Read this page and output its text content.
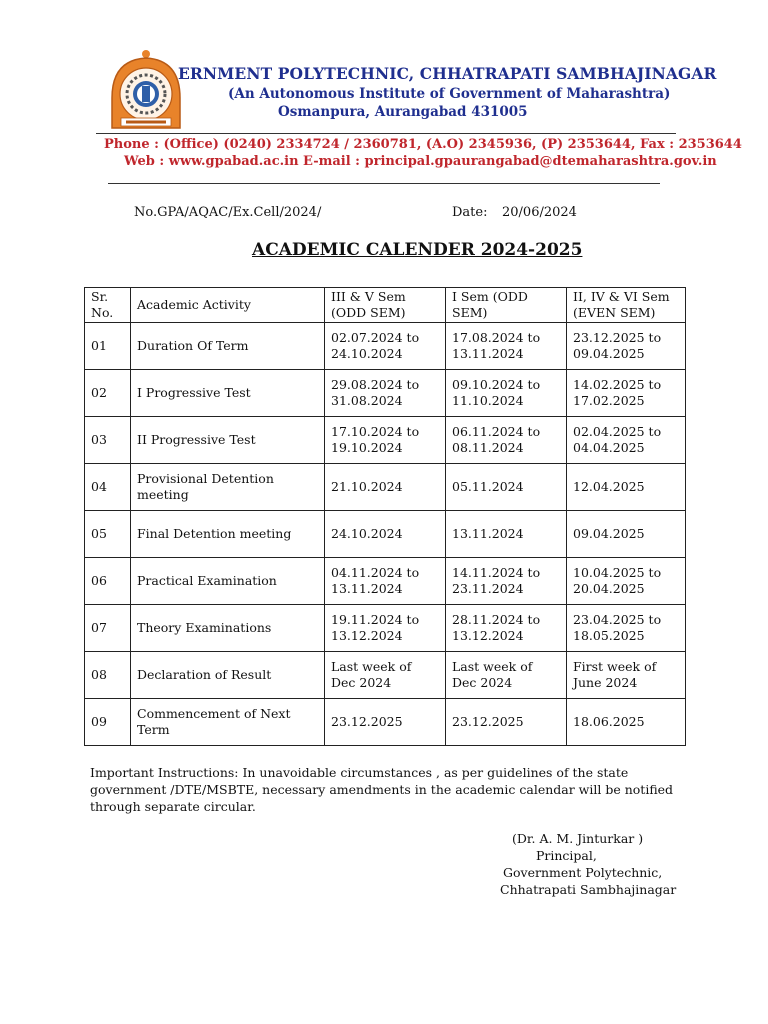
ERNMENT POLYTECHNIC, CHHATRAPATI SAMBHAJINAGAR
(An Autonomous Institute of Government of Maharashtra)
Osmanpura, Aurangabad 431005
Phone : (Office) (0240) 2334724 / 2360781, (A.O) 2345936, (P) 2353644, Fax : 2353644
Web : www.gpabad.ac.in E-mail : principal.gpaurangabad@dtemaharashtra.gov.in
No.GPA/AQAC/Ex.Cell/2024/	Date: 20/06/2024
ACADEMIC CALENDER 2024-2025
Sr. No.	Academic Activity	III & V Sem (ODD SEM)	I Sem (ODD SEM)	II, IV & VI Sem (EVEN SEM)
01	Duration Of Term	02.07.2024 to 24.10.2024	17.08.2024 to 13.11.2024	23.12.2025 to 09.04.2025
02	I Progressive Test	29.08.2024 to 31.08.2024	09.10.2024 to 11.10.2024	14.02.2025 to 17.02.2025
03	II Progressive Test	17.10.2024 to 19.10.2024	06.11.2024 to 08.11.2024	02.04.2025 to 04.04.2025
04	Provisional Detention meeting	21.10.2024	05.11.2024	12.04.2025
05	Final Detention meeting	24.10.2024	13.11.2024	09.04.2025
06	Practical Examination	04.11.2024 to 13.11.2024	14.11.2024 to 23.11.2024	10.04.2025 to 20.04.2025
07	Theory Examinations	19.11.2024 to 13.12.2024	28.11.2024 to 13.12.2024	23.04.2025 to 18.05.2025
08	Declaration of Result	Last week of Dec 2024	Last week of Dec 2024	First week of June 2024
09	Commencement of Next Term	23.12.2025	23.12.2025	18.06.2025
Important Instructions: In unavoidable circumstances , as per guidelines of the state government /DTE/MSBTE, necessary amendments in the academic calendar will be notified through separate circular.
(Dr. A. M. Jinturkar )
Principal,
Government Polytechnic,
Chhatrapati Sambhajinagar
